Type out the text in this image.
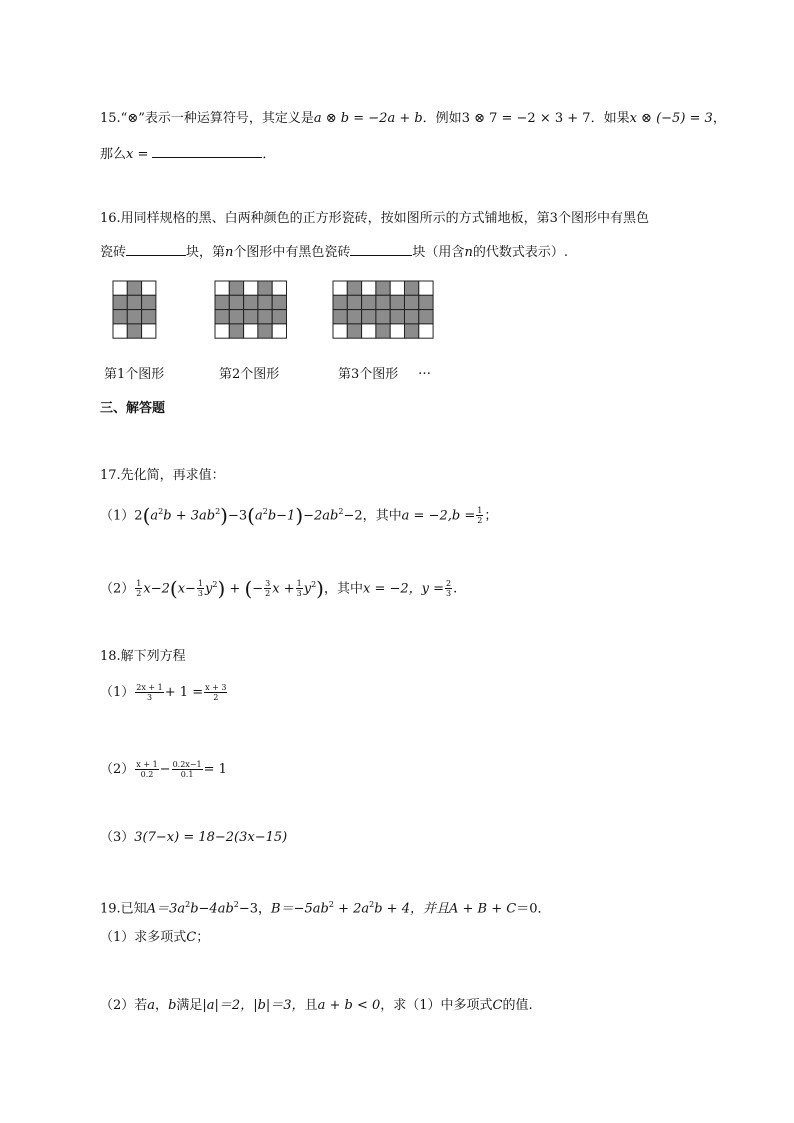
15.“⊗”表示一种运算符号，其定义是a ⊗ b = −2a + b．例如3 ⊗ 7 = −2 × 3 + 7．如果x ⊗ (−5) = 3，
那么x =	．
16.用同样规格的黑、白两种颜色的正方形瓷砖，按如图所示的方式铺地板，第3个图形中有黑色
瓷砖	块，第n个图形中有黑色瓷砖	块（用含n的代数式表示）.
第1个图形	第2个图形	第3个图形 …
三、解答题
17.先化简，再求值：
$(1)2(a^2b + 3ab^2)-3(a^2b-1)-2ab^2-2$，其中$a = -2,b = \frac{1}{2}$ ；
$(2) \frac{1}{2} x-2(x- \frac{1}{3} y^2)$ + (− $\frac{3}{2}$ $x + \frac{1}{3} y^2$)，其中x = −2，$y = \frac{2}{3}$ .
18.解下列方程
$(1) \frac{2x + 1}{3} + 1 = \frac{x + 3}{2}$
$(2) \frac{x + 1}{0.2} - \frac{0.2x-1}{0.1} = 1$
（3）3(7−x) = 18−2(3x−15)
19.已知$A=3a^2b-4ab^2-3$，$B=-5ab^2 + 2a^2b + 4$，并且A + B + C＝0．
（1）求多项式C；
（2）若a，b满足|a|＝2，|b|＝3，且a + b < 0，求（1）中多项式C的值.
